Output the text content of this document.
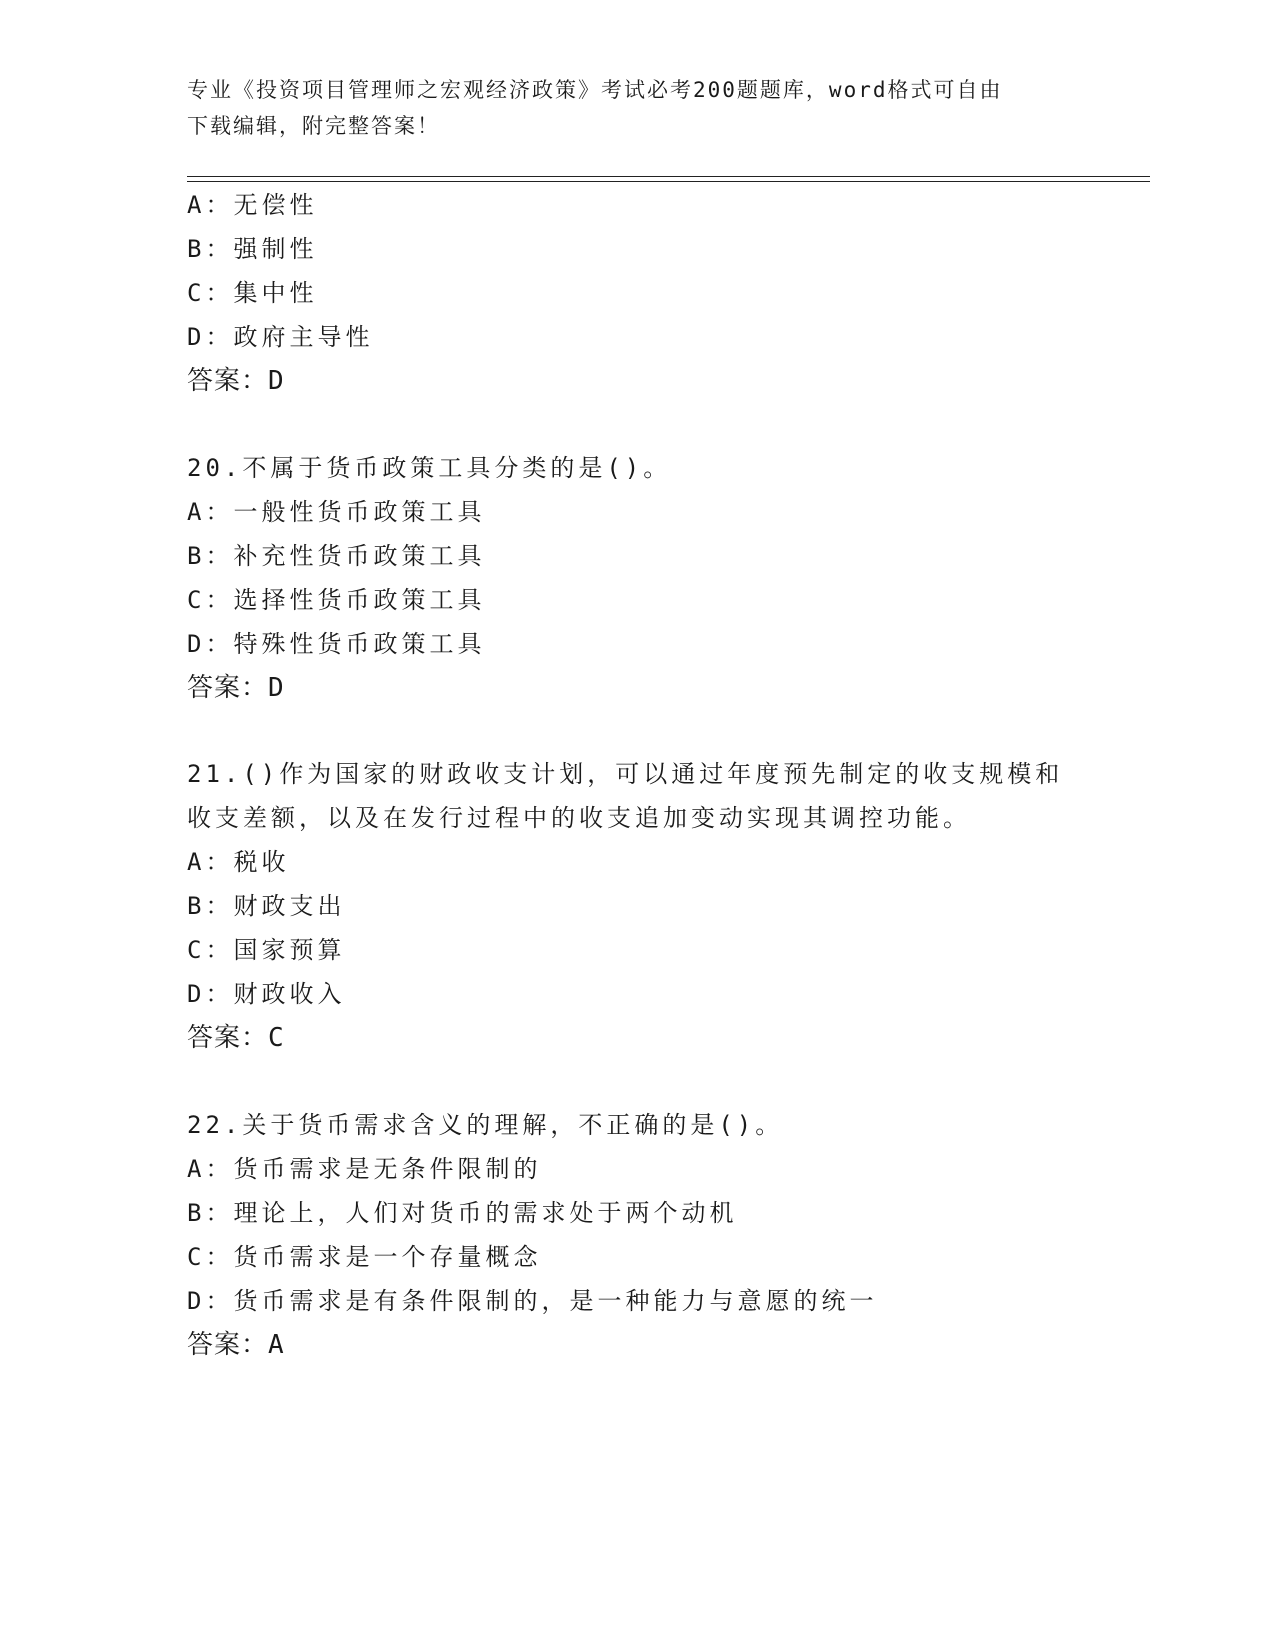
专业《投资项目管理师之宏观经济政策》考试必考200题题库，word格式可自由
下载编辑，附完整答案！
A：无偿性
B：强制性
C：集中性
D：政府主导性
答案：D
20.不属于货币政策工具分类的是()。
A：一般性货币政策工具
B：补充性货币政策工具
C：选择性货币政策工具
D：特殊性货币政策工具
答案：D
21.()作为国家的财政收支计划，可以通过年度预先制定的收支规模和
收支差额，以及在发行过程中的收支追加变动实现其调控功能。
A：税收
B：财政支出
C：国家预算
D：财政收入
答案：C
22.关于货币需求含义的理解，不正确的是()。
A：货币需求是无条件限制的
B：理论上，人们对货币的需求处于两个动机
C：货币需求是一个存量概念
D：货币需求是有条件限制的，是一种能力与意愿的统一
答案：A
